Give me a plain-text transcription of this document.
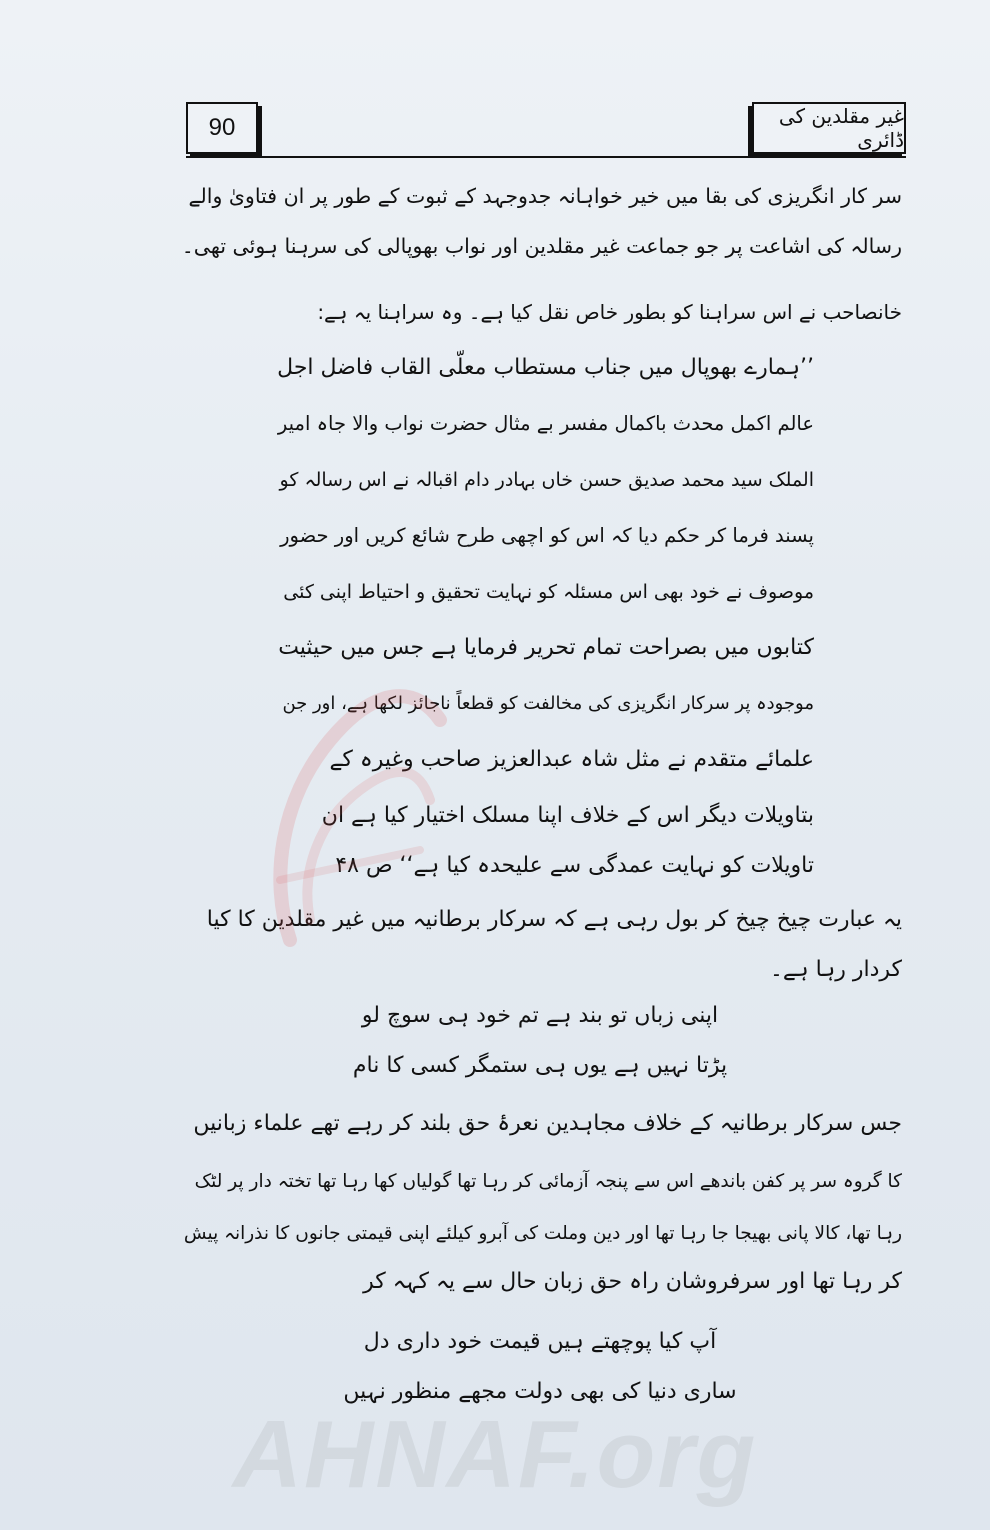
90	غیر مقلدین کی ڈائری
سر کار انگریزی کی بقا میں خیر خواہانہ جدوجہد کے ثبوت کے طور پر ان فتاویٰ والے
رسالہ کی اشاعت پر جو جماعت غیر مقلدین اور نواب بھوپالی کی سرہنا ہوئی تھی۔
خانصاحب نے اس سراہنا کو بطور خاص نقل کیا ہے۔ وہ سراہنا یہ ہے:
’’ہمارے بھوپال میں جناب مستطاب معلّی القاب فاضل اجل
عالم اکمل محدث باکمال مفسر بے مثال حضرت نواب والا جاہ امیر
الملک سید محمد صدیق حسن خاں بہادر دام اقبالہ نے اس رسالہ کو
پسند فرما کر حکم دیا کہ اس کو اچھی طرح شائع کریں اور حضور
موصوف نے خود بھی اس مسئلہ کو نہایت تحقیق و احتیاط اپنی کئی
کتابوں میں بصراحت تمام تحریر فرمایا ہے جس میں حیثیت
موجودہ پر سرکار انگریزی کی مخالفت کو قطعاً ناجائز لکھا ہے، اور جن
علمائے متقدم نے مثل شاہ عبدالعزیز صاحب وغیرہ کے
بتاویلات دیگر اس کے خلاف اپنا مسلک اختیار کیا ہے ان
تاویلات کو نہایت عمدگی سے علیحدہ کیا ہے‘‘ ص ۴۸
یہ عبارت چیخ چیخ کر بول رہی ہے کہ سرکار برطانیہ میں غیر مقلدین کا کیا
کردار رہا ہے۔
اپنی زباں تو بند ہے تم خود ہی سوچ لو
پڑتا نہیں ہے یوں ہی ستمگر کسی کا نام
جس سرکار برطانیہ کے خلاف مجاہدین نعرۂ حق بلند کر رہے تھے علماء زبانیں
کا گروہ سر پر کفن باندھے اس سے پنجہ آزمائی کر رہا تھا گولیاں کھا رہا تھا تختہ دار پر لٹک
رہا تھا، کالا پانی بھیجا جا رہا تھا اور دین وملت کی آبرو کیلئے اپنی قیمتی جانوں کا نذرانہ پیش
کر رہا تھا اور سرفروشان راہ حق زبان حال سے یہ کہہ کر
آپ کیا پوچھتے ہیں قیمت خود داری دل
ساری دنیا کی بھی دولت مجھے منظور نہیں
AHNAF.org
